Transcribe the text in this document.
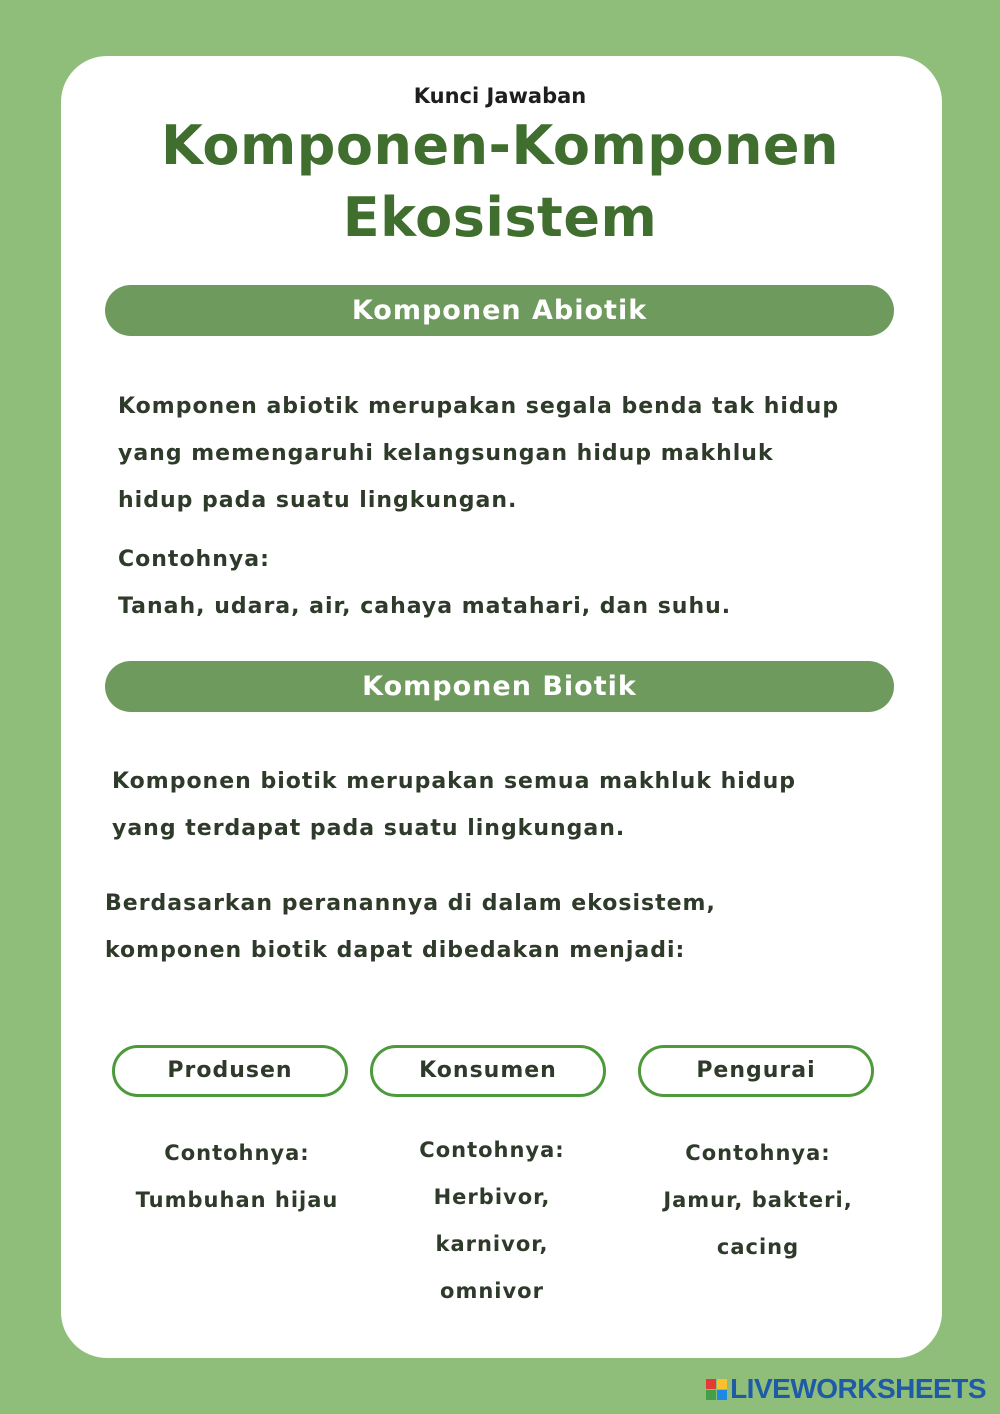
Kunci Jawaban
Komponen-Komponen
Ekosistem
Komponen Abiotik

Komponen abiotik merupakan segala benda tak hidup

yang memengaruhi kelangsungan hidup makhluk

hidup pada suatu lingkungan.

Contohnya:

Tanah, udara, air, cahaya matahari, dan suhu.

Komponen Biotik

Komponen biotik merupakan semua makhluk hidup

yang terdapat pada suatu lingkungan.

Berdasarkan peranannya di dalam ekosistem,

komponen biotik dapat dibedakan menjadi:

Produsen	Konsumen	Pengurai
Contohnya:
Tumbuhan hijau
Contohnya:
Herbivor,
karnivor,
omnivor
Contohnya:
Jamur, bakteri,
cacing
LIVEWORKSHEETS
